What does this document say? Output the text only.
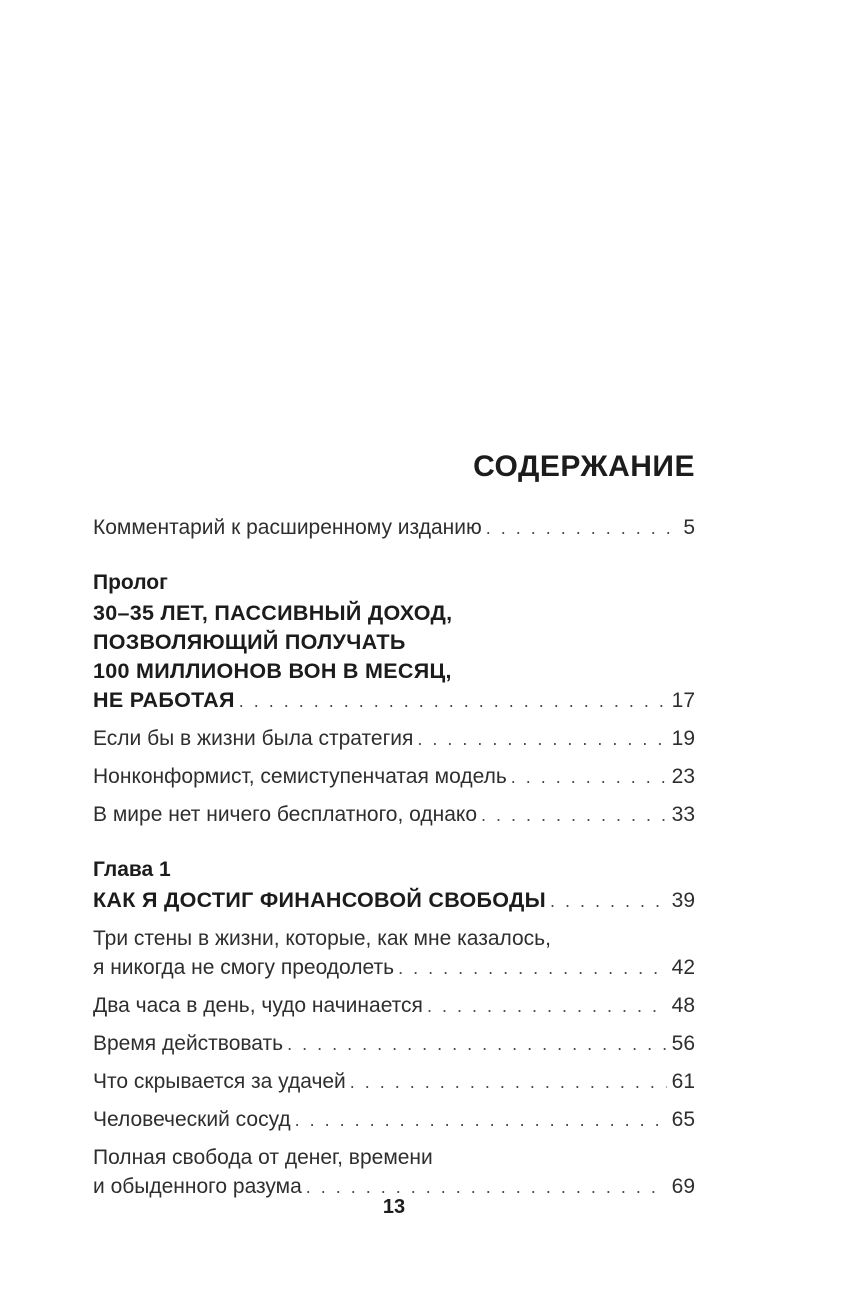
СОДЕРЖАНИЕ
Комментарий к расширенному изданию . . .	5
Пролог
30–35 ЛЕТ, ПАССИВНЫЙ ДОХОД,
ПОЗВОЛЯЮЩИЙ ПОЛУЧАТЬ
100 МИЛЛИОНОВ ВОН В МЕСЯЦ,
НЕ РАБОТАЯ . . .	17
Если бы в жизни была стратегия . . .	19
Нонконформист, семиступенчатая модель . . .	23
В мире нет ничего бесплатного, однако . . .	33
Глава 1
КАК Я ДОСТИГ ФИНАНСОВОЙ СВОБОДЫ . . .	39
Три стены в жизни, которые, как мне казалось,
я никогда не смогу преодолеть . . .	42
Два часа в день, чудо начинается . . .	48
Время действовать . . .	56
Что скрывается за удачей . . .	61
Человеческий сосуд . . .	65
Полная свобода от денег, времени
и обыденного разума . . .	69
13
